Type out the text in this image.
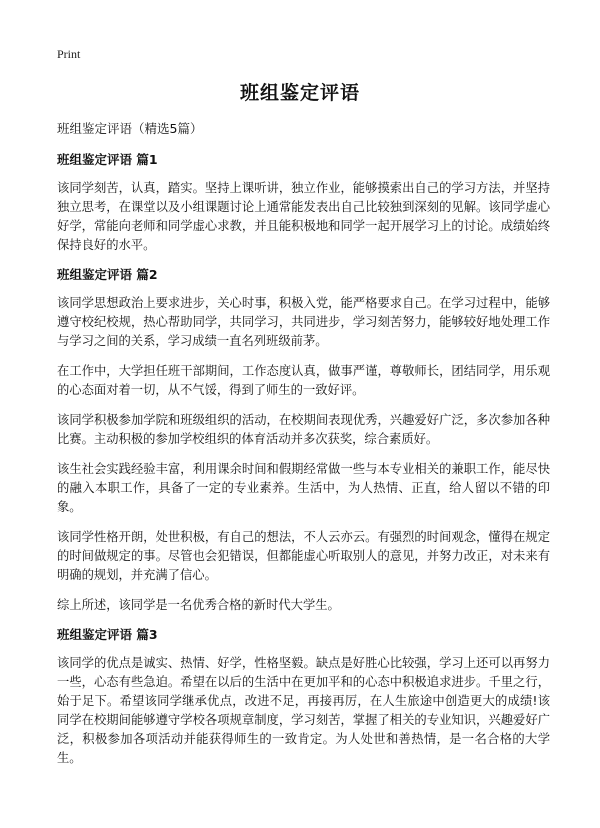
Print
班组鉴定评语

班组鉴定评语（精选5篇）

班组鉴定评语 篇1

该同学刻苦，认真，踏实。坚持上课听讲，独立作业，能够摸索出自己的学习方法，并坚持独立思考，在课堂以及小组课题讨论上通常能发表出自己比较独到深刻的见解。该同学虚心好学，常能向老师和同学虚心求教，并且能积极地和同学一起开展学习上的讨论。成绩始终保持良好的水平。

班组鉴定评语 篇2

该同学思想政治上要求进步，关心时事，积极入党，能严格要求自己。在学习过程中，能够遵守校纪校规，热心帮助同学，共同学习，共同进步，学习刻苦努力，能够较好地处理工作与学习之间的关系，学习成绩一直名列班级前茅。

在工作中，大学担任班干部期间，工作态度认真，做事严谨，尊敬师长，团结同学，用乐观的心态面对着一切，从不气馁，得到了师生的一致好评。

该同学积极参加学院和班级组织的活动，在校期间表现优秀，兴趣爱好广泛，多次参加各种比赛。主动积极的参加学校组织的体育活动并多次获奖，综合素质好。

该生社会实践经验丰富，利用课余时间和假期经常做一些与本专业相关的兼职工作，能尽快的融入本职工作，具备了一定的专业素养。生活中，为人热情、正直，给人留以不错的印象。

该同学性格开朗，处世积极，有自己的想法，不人云亦云。有强烈的时间观念，懂得在规定的时间做规定的事。尽管也会犯错误，但都能虚心听取别人的意见，并努力改正，对未来有明确的规划，并充满了信心。

综上所述，该同学是一名优秀合格的新时代大学生。

班组鉴定评语 篇3

该同学的优点是诚实、热情、好学，性格坚毅。缺点是好胜心比较强，学习上还可以再努力一些，心态有些急迫。希望在以后的生活中在更加平和的心态中积极追求进步。千里之行，始于足下。希望该同学继承优点，改进不足，再接再厉，在人生旅途中创造更大的成绩!该同学在校期间能够遵守学校各项规章制度，学习刻苦，掌握了相关的专业知识，兴趣爱好广泛，积极参加各项活动并能获得师生的一致肯定。为人处世和善热情，是一名合格的大学生。
